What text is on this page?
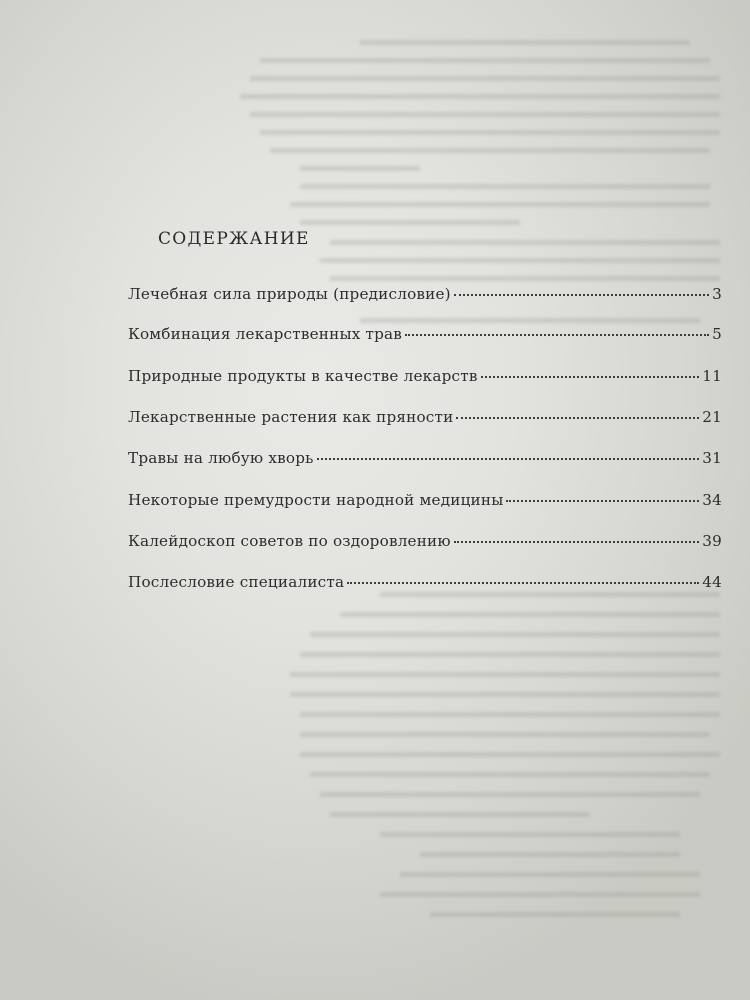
СОДЕРЖАНИЕ
Лечебная сила природы (предисловие)	3
Комбинация лекарственных трав	5
Природные продукты в качестве лекарств	11
Лекарственные растения как пряности	21
Травы на любую хворь	31
Некоторые премудрости народной медицины	34
Калейдоскоп советов по оздоровлению	39
Послесловие специалиста	44
